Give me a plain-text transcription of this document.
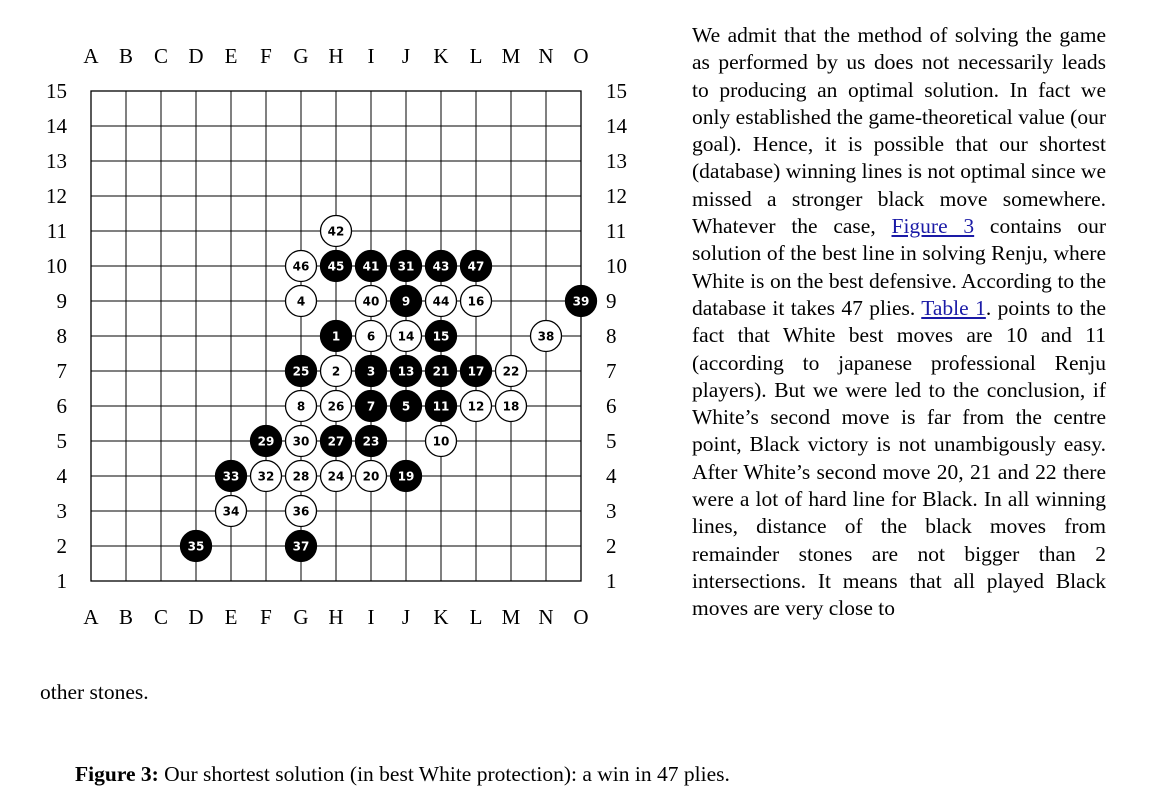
A
A
B
B
C
C
D
D
E
E
F
F
G
G
H
H
I
I
J
J
K
K
L
L
M
M
N
N
O
O
15	15
14	14
13	13
12	12
11	11
10	10
9	9
8	8
7	7
6	6
5	5
4	4
3	3
2	2
1	1
1
2 3
4
5
6
7
8
9
10
11 12
13
14 15
16
17
18
19
20
21	22
23
24
25
26
27
28
29 30
31
32
33
34
35
36
37
38
39
40
41
42
43
44
45
46	47

We admit that the method of solving the game as performed by us does not necessarily leads to producing an optimal solution. In fact we only established the game-theoretical value (our goal). Hence, it is possible that our shortest (database) winning lines is not optimal since we missed a stronger black move somewhere. Whatever the case, Figure 3 contains our solution of the best line in solving Renju, where White is on the best defensive. According to the database it takes 47 plies. Table 1. points to the fact that White best moves are 10 and 11 (according to japanese professional Renju players). But we were led to the conclusion, if White’s second move is far from the centre point, Black victory is not unambigously easy. After White’s second move 20, 21 and 22 there were a lot of hard line for Black. In all winning lines, distance of the black moves from remainder stones are not bigger than 2 intersections. It means that all played Black moves are very close to

other stones.

Figure 3: Our shortest solution (in best White protection): a win in 47 plies.
